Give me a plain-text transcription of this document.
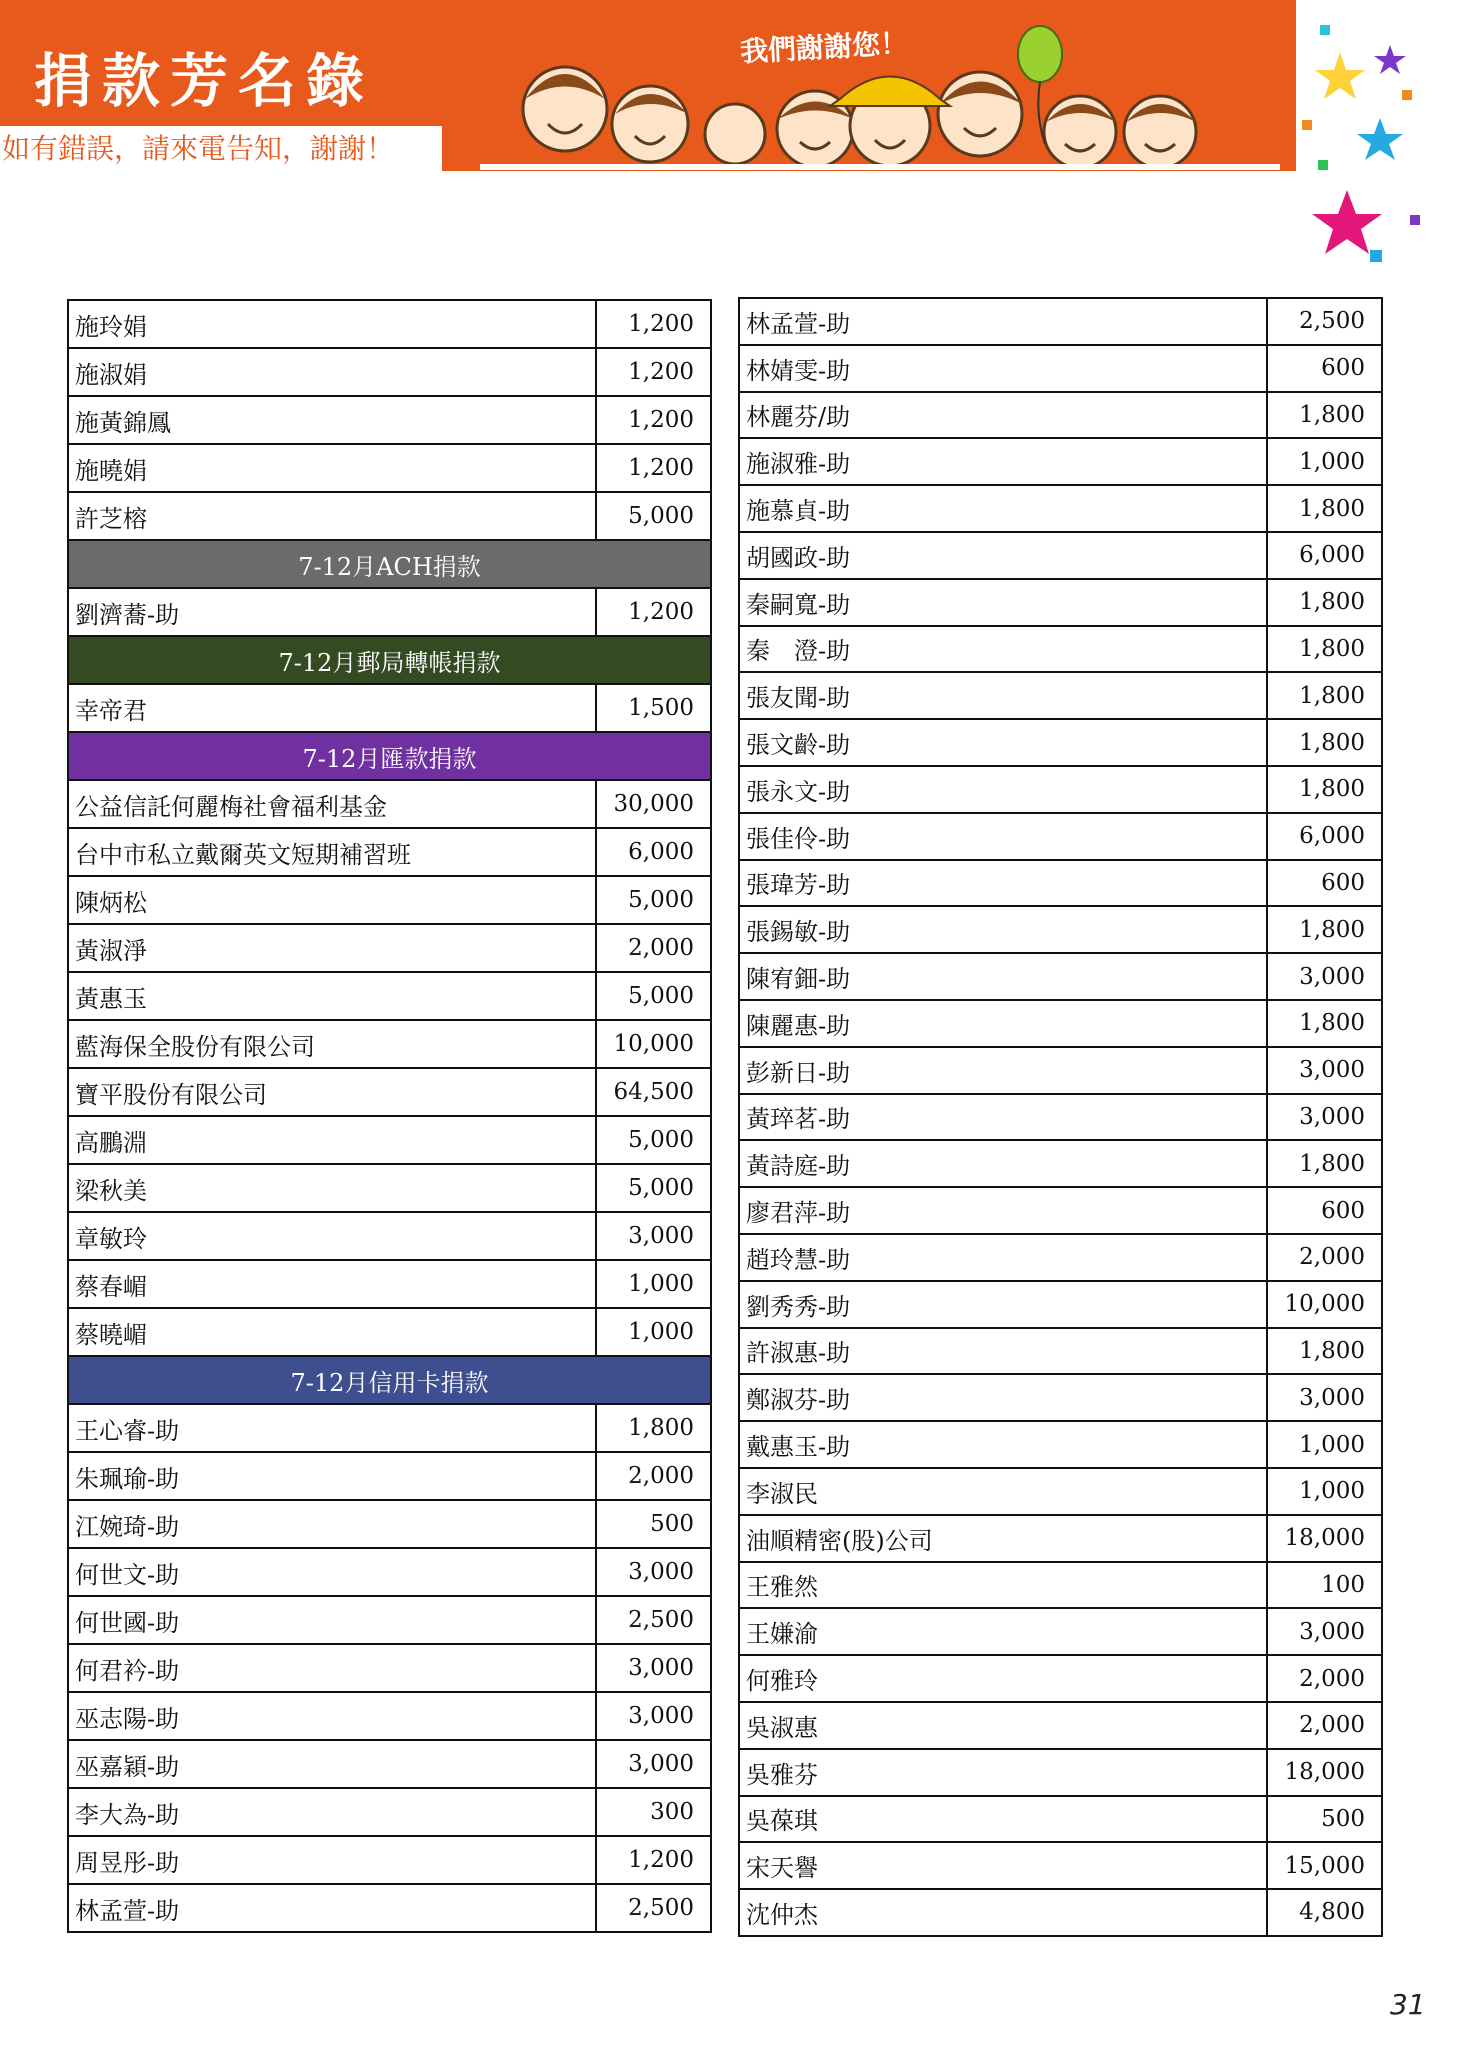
捐款芳名錄
如有錯誤，請來電告知，謝謝！
我們謝謝您！
施玲娟	1,200
施淑娟	1,200
施黃錦鳳	1,200
施曉娟	1,200
許芝榕	5,000
7-12月ACH捐款	
劉濟蕎-助	1,200
7-12月郵局轉帳捐款	
幸帝君	1,500
7-12月匯款捐款	
公益信託何麗梅社會福利基金	30,000
台中市私立戴爾英文短期補習班	6,000
陳炳松	5,000
黃淑淨	2,000
黃惠玉	5,000
藍海保全股份有限公司	10,000
寶平股份有限公司	64,500
高鵬淵	5,000
梁秋美	5,000
章敏玲	3,000
蔡春嵋	1,000
蔡曉嵋	1,000
7-12月信用卡捐款	
王心睿-助	1,800
朱珮瑜-助	2,000
江婉琦-助	500
何世文-助	3,000
何世國-助	2,500
何君衿-助	3,000
巫志陽-助	3,000
巫嘉穎-助	3,000
李大為-助	300
周昱彤-助	1,200
林孟萱-助	2,500
林孟萱-助	2,500
林婧雯-助	600
林麗芬/助	1,800
施淑雅-助	1,000
施慕貞-助	1,800
胡國政-助	6,000
秦嗣寬-助	1,800
秦　澄-助	1,800
張友聞-助	1,800
張文齡-助	1,800
張永文-助	1,800
張佳伶-助	6,000
張瑋芳-助	600
張錫敏-助	1,800
陳宥鈿-助	3,000
陳麗惠-助	1,800
彭新日-助	3,000
黃琗茗-助	3,000
黃詩庭-助	1,800
廖君萍-助	600
趙玲慧-助	2,000
劉秀秀-助	10,000
許淑惠-助	1,800
鄭淑芬-助	3,000
戴惠玉-助	1,000
李淑民	1,000
油順精密(股)公司	18,000
王雅然	100
王嫌渝	3,000
何雅玲	2,000
吳淑惠	2,000
吳雅芬	18,000
吳葆琪	500
宋天譽	15,000
沈仲杰	4,800
31
